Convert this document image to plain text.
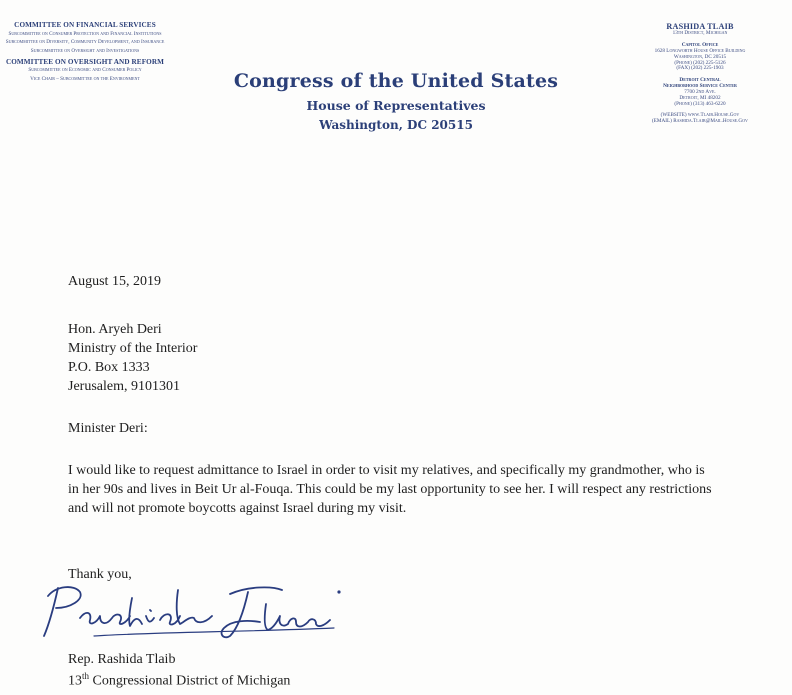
COMMITTEE ON FINANCIAL SERVICES
Subcommittee on Consumer Protection and Financial Institutions
Subcommittee on Diversity, Community Development, and Insurance
Subcommittee on Oversight and Investigations
COMMITTEE ON OVERSIGHT AND REFORM
Subcommittee on Economic and Consumer Policy
Vice Chair – Subcommittee on the Environment	Congress of the United States
House of Representatives
Washington, DC 20515
RASHIDA TLAIB
13th District, Michigan
Capitol Office
1628 Longworth House Office Building
Washington, DC 20515
(Phone) (202) 225-5126
(FAX) (202) 225-1903
Detroit Central
Neighborhood Service Center
7700 2nd Ave.
Detroit, MI 48202
(Phone) (313) 463-6220
(WEBSITE) www.Tlaib.House.Gov
(EMAIL) Rashida.Tlaib@Mail.House.Gov
August 15, 2019
Hon. Aryeh Deri
Ministry of the Interior
P.O. Box 1333
Jerusalem, 9101301
Minister Deri:
I would like to request admittance to Israel in order to visit my relatives, and specifically my grandmother, who is in her 90s and lives in Beit Ur al-Fouqa. This could be my last opportunity to see her. I will respect any restrictions and will not promote boycotts against Israel during my visit.
Thank you,
Rep. Rashida Tlaib
13th Congressional District of Michigan
